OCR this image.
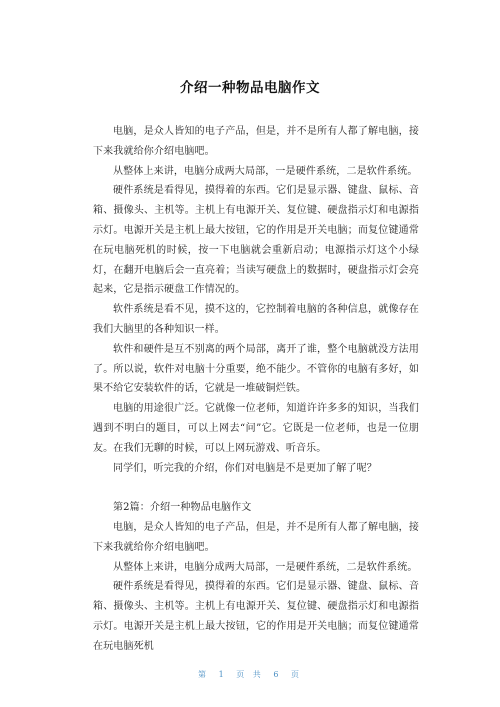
介绍一种物品电脑作文

电脑，是众人皆知的电子产品，但是，并不是所有人都了解电脑，接下来我就给你介绍电脑吧。

从整体上来讲，电脑分成两大局部，一是硬件系统，二是软件系统。

硬件系统是看得见，摸得着的东西。它们是显示器、键盘、鼠标、音箱、摄像头、主机等。主机上有电源开关、复位键、硬盘指示灯和电源指示灯。电源开关是主机上最大按钮，它的作用是开关电脑；而复位键通常在玩电脑死机的时候，按一下电脑就会重新启动；电源指示灯这个小绿灯，在翻开电脑后会一直亮着；当读写硬盘上的数据时，硬盘指示灯会亮起来，它是指示硬盘工作情况的。

软件系统是看不见，摸不这的，它控制着电脑的各种信息，就像存在我们大脑里的各种知识一样。

软件和硬件是互不别离的两个局部，离开了谁，整个电脑就没方法用了。所以说，软件对电脑十分重要，绝不能少。不管你的电脑有多好，如果不给它安装软件的话，它就是一堆破铜烂铁。

电脑的用途很广泛。它就像一位老师，知道许许多多的知识，当我们遇到不明白的题目，可以上网去“问”它。它既是一位老师，也是一位朋友。在我们无聊的时候，可以上网玩游戏、听音乐。

同学们，听完我的介绍，你们对电脑是不是更加了解了呢？

第2篇：介绍一种物品电脑作文

电脑，是众人皆知的电子产品，但是，并不是所有人都了解电脑，接下来我就给你介绍电脑吧。

从整体上来讲，电脑分成两大局部，一是硬件系统，二是软件系统。

硬件系统是看得见，摸得着的东西。它们是显示器、键盘、鼠标、音箱、摄像头、主机等。主机上有电源开关、复位键、硬盘指示灯和电源指示灯。电源开关是主机上最大按钮，它的作用是开关电脑；而复位键通常在玩电脑死机

第 1 页 共 6 页
